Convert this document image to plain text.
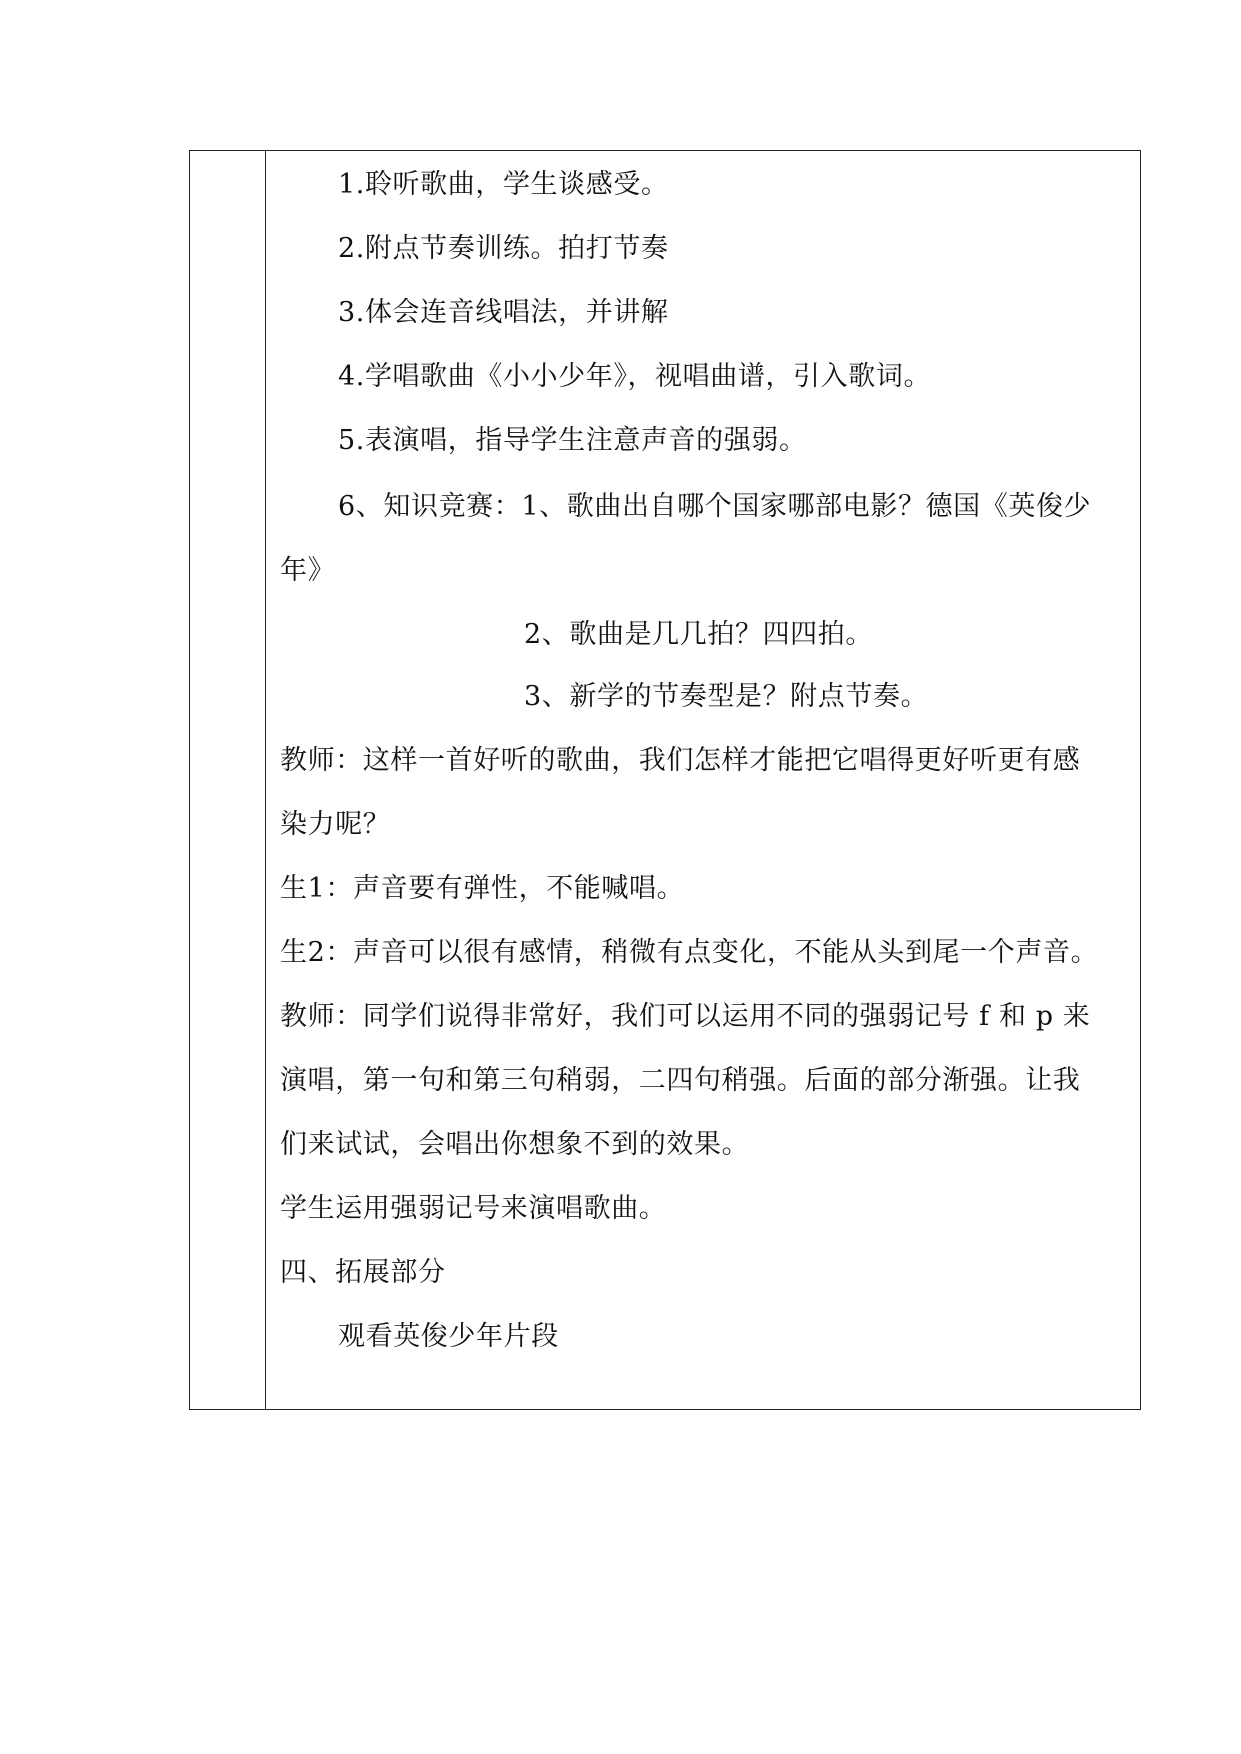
1.聆听歌曲，学生谈感受。
2.附点节奏训练。拍打节奏
3.体会连音线唱法，并讲解
4.学唱歌曲《小小少年》，视唱曲谱，引入歌词。
5.表演唱，指导学生注意声音的强弱。
6、知识竞赛：1、歌曲出自哪个国家哪部电影？德国《英俊少
年》
2、歌曲是几几拍？四四拍。
3、新学的节奏型是？附点节奏。
教师：这样一首好听的歌曲，我们怎样才能把它唱得更好听更有感
染力呢？
生1：声音要有弹性，不能喊唱。
生2：声音可以很有感情，稍微有点变化，不能从头到尾一个声音。
教师：同学们说得非常好，我们可以运用不同的强弱记号 f 和 p 来
演唱，第一句和第三句稍弱，二四句稍强。后面的部分渐强。让我
们来试试，会唱出你想象不到的效果。
学生运用强弱记号来演唱歌曲。
四、拓展部分
观看英俊少年片段
